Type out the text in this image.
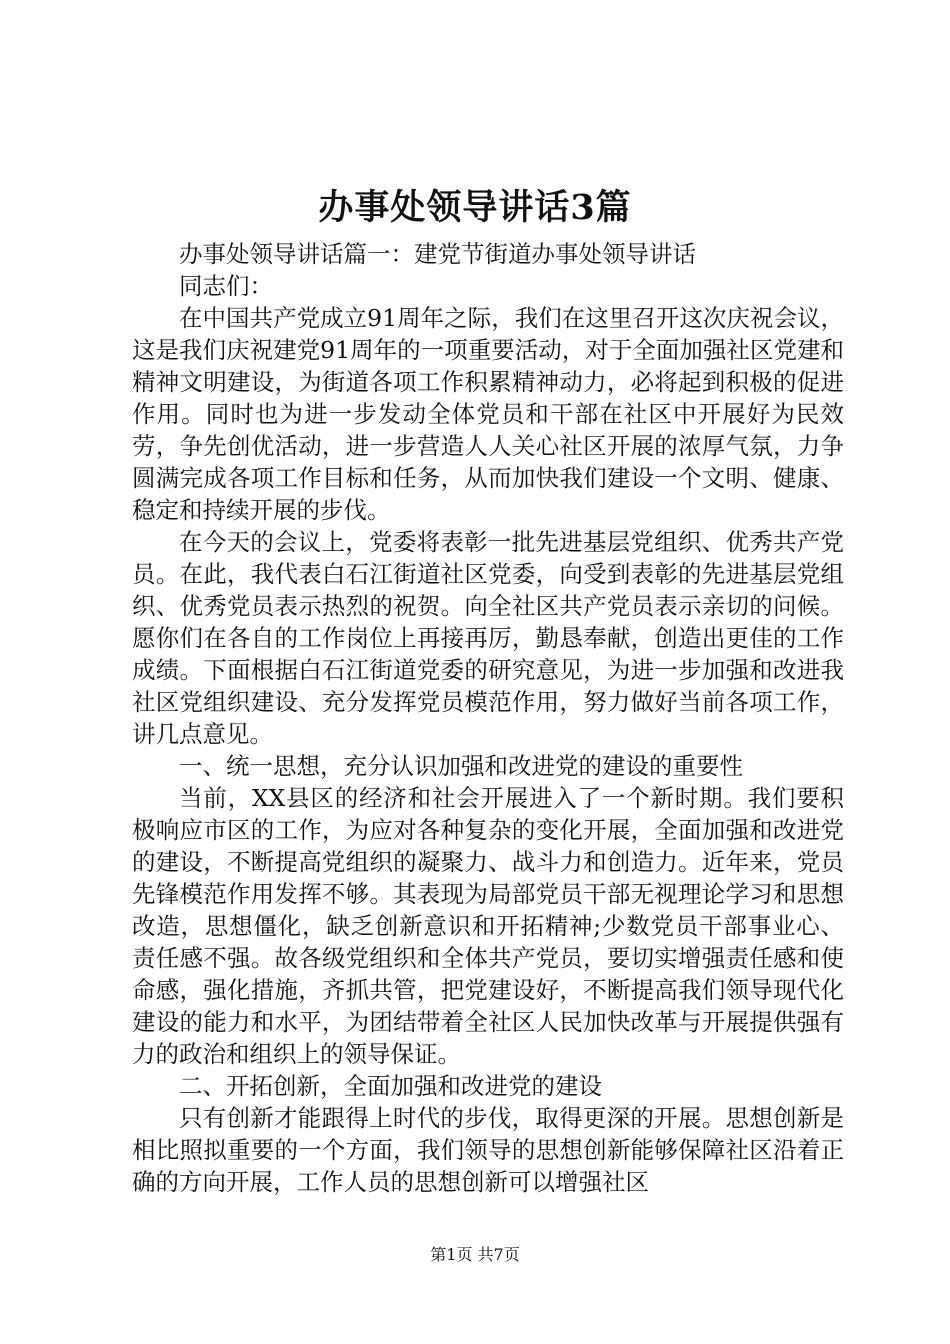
办事处领导讲话3篇

办事处领导讲话篇一：建党节街道办事处领导讲话

同志们：

在中国共产党成立91周年之际，我们在这里召开这次庆祝会议，这是我们庆祝建党91周年的一项重要活动，对于全面加强社区党建和精神文明建设，为街道各项工作积累精神动力，必将起到积极的促进作用。同时也为进一步发动全体党员和干部在社区中开展好为民效劳，争先创优活动，进一步营造人人关心社区开展的浓厚气氛，力争圆满完成各项工作目标和任务，从而加快我们建设一个文明、健康、稳定和持续开展的步伐。

在今天的会议上，党委将表彰一批先进基层党组织、优秀共产党员。在此，我代表白石江街道社区党委，向受到表彰的先进基层党组织、优秀党员表示热烈的祝贺。向全社区共产党员表示亲切的问候。愿你们在各自的工作岗位上再接再厉，勤恳奉献，创造出更佳的工作成绩。下面根据白石江街道党委的研究意见，为进一步加强和改进我社区党组织建设、充分发挥党员模范作用，努力做好当前各项工作，讲几点意见。

一、统一思想，充分认识加强和改进党的建设的重要性

当前，XX县区的经济和社会开展进入了一个新时期。我们要积极响应市区的工作，为应对各种复杂的变化开展，全面加强和改进党的建设，不断提高党组织的凝聚力、战斗力和创造力。近年来，党员先锋模范作用发挥不够。其表现为局部党员干部无视理论学习和思想改造，思想僵化，缺乏创新意识和开拓精神;少数党员干部事业心、责任感不强。故各级党组织和全体共产党员，要切实增强责任感和使命感，强化措施，齐抓共管，把党建设好，不断提高我们领导现代化建设的能力和水平，为团结带着全社区人民加快改革与开展提供强有力的政治和组织上的领导保证。

二、开拓创新，全面加强和改进党的建设

只有创新才能跟得上时代的步伐，取得更深的开展。思想创新是相比照拟重要的一个方面，我们领导的思想创新能够保障社区沿着正确的方向开展，工作人员的思想创新可以增强社区

第1页 共7页
